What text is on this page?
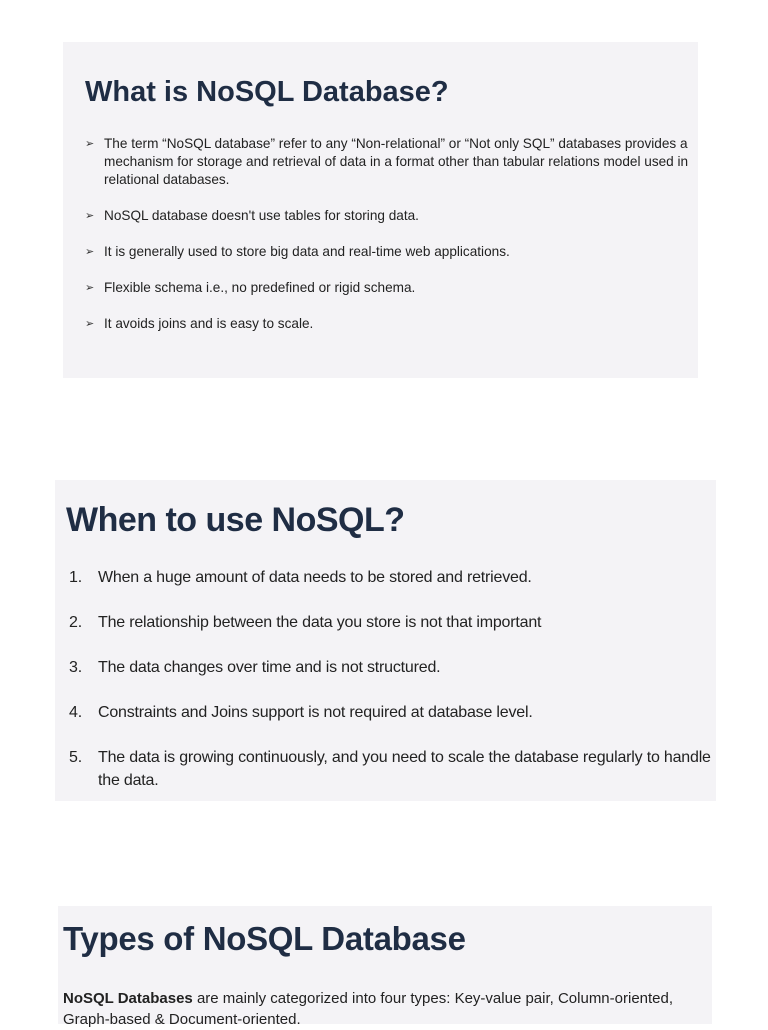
What is NoSQL Database?
➢ The term “NoSQL database” refer to any “Non-relational” or “Not only SQL” databases provides a mechanism for storage and retrieval of data in a format other than tabular relations model used in relational databases.
➢ NoSQL database doesn't use tables for storing data.
➢ It is generally used to store big data and real-time web applications.
➢ Flexible schema i.e., no predefined or rigid schema.
➢ It avoids joins and is easy to scale.
When to use NoSQL?
1. When a huge amount of data needs to be stored and retrieved.
2. The relationship between the data you store is not that important
3. The data changes over time and is not structured.
4. Constraints and Joins support is not required at database level.
5. The data is growing continuously, and you need to scale the database regularly to handle the data.
Types of NoSQL Database

NoSQL Databases are mainly categorized into four types: Key-value pair, Column-oriented, Graph-based & Document-oriented.
